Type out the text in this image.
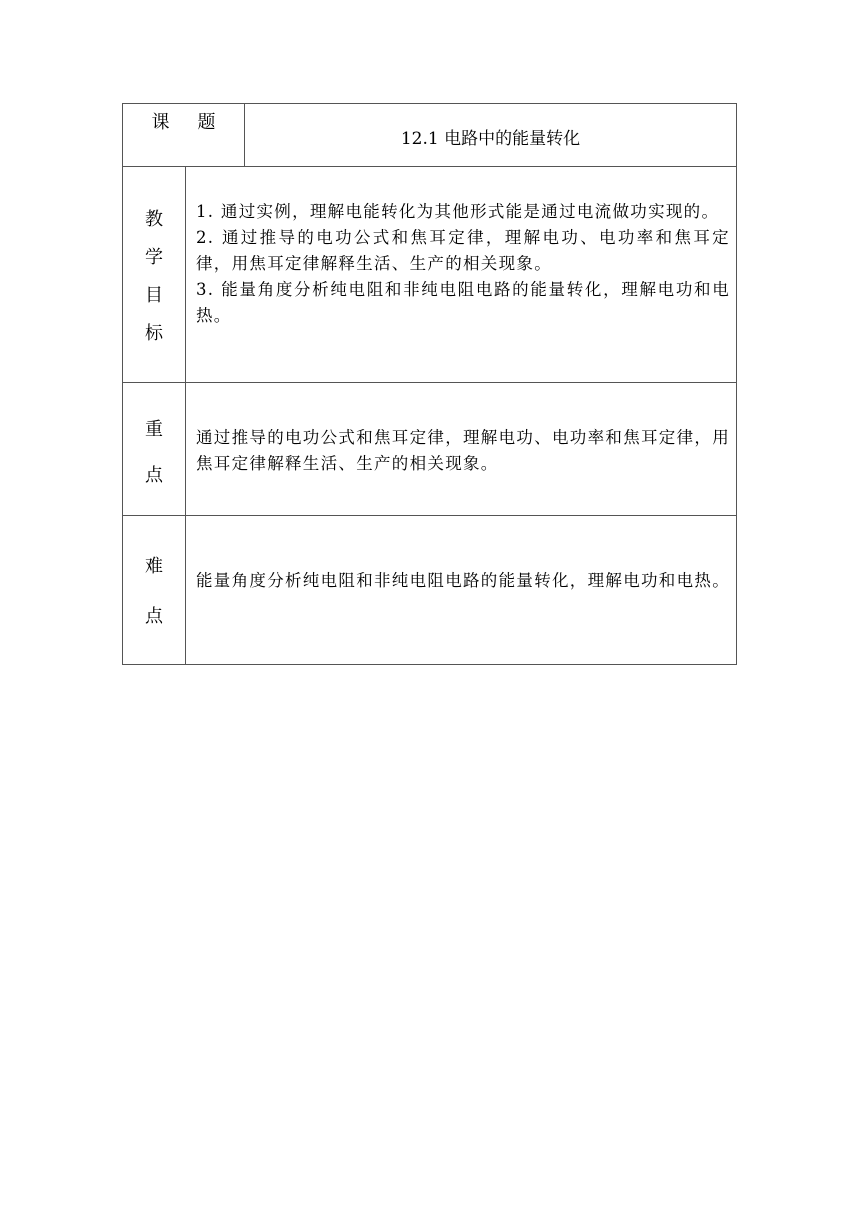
课题
12.1 电路中的能量转化
教
学
目
标

1. 通过实例，理解电能转化为其他形式能是通过电流做功实现的。

2. 通过推导的电功公式和焦耳定律，理解电功、电功率和焦耳定律，用焦耳定律解释生活、生产的相关现象。

3. 能量角度分析纯电阻和非纯电阻电路的能量转化，理解电功和电热。

重
点
通过推导的电功公式和焦耳定律，理解电功、电功率和焦耳定律，用焦耳定律解释生活、生产的相关现象。
难
点
能量角度分析纯电阻和非纯电阻电路的能量转化，理解电功和电热。
